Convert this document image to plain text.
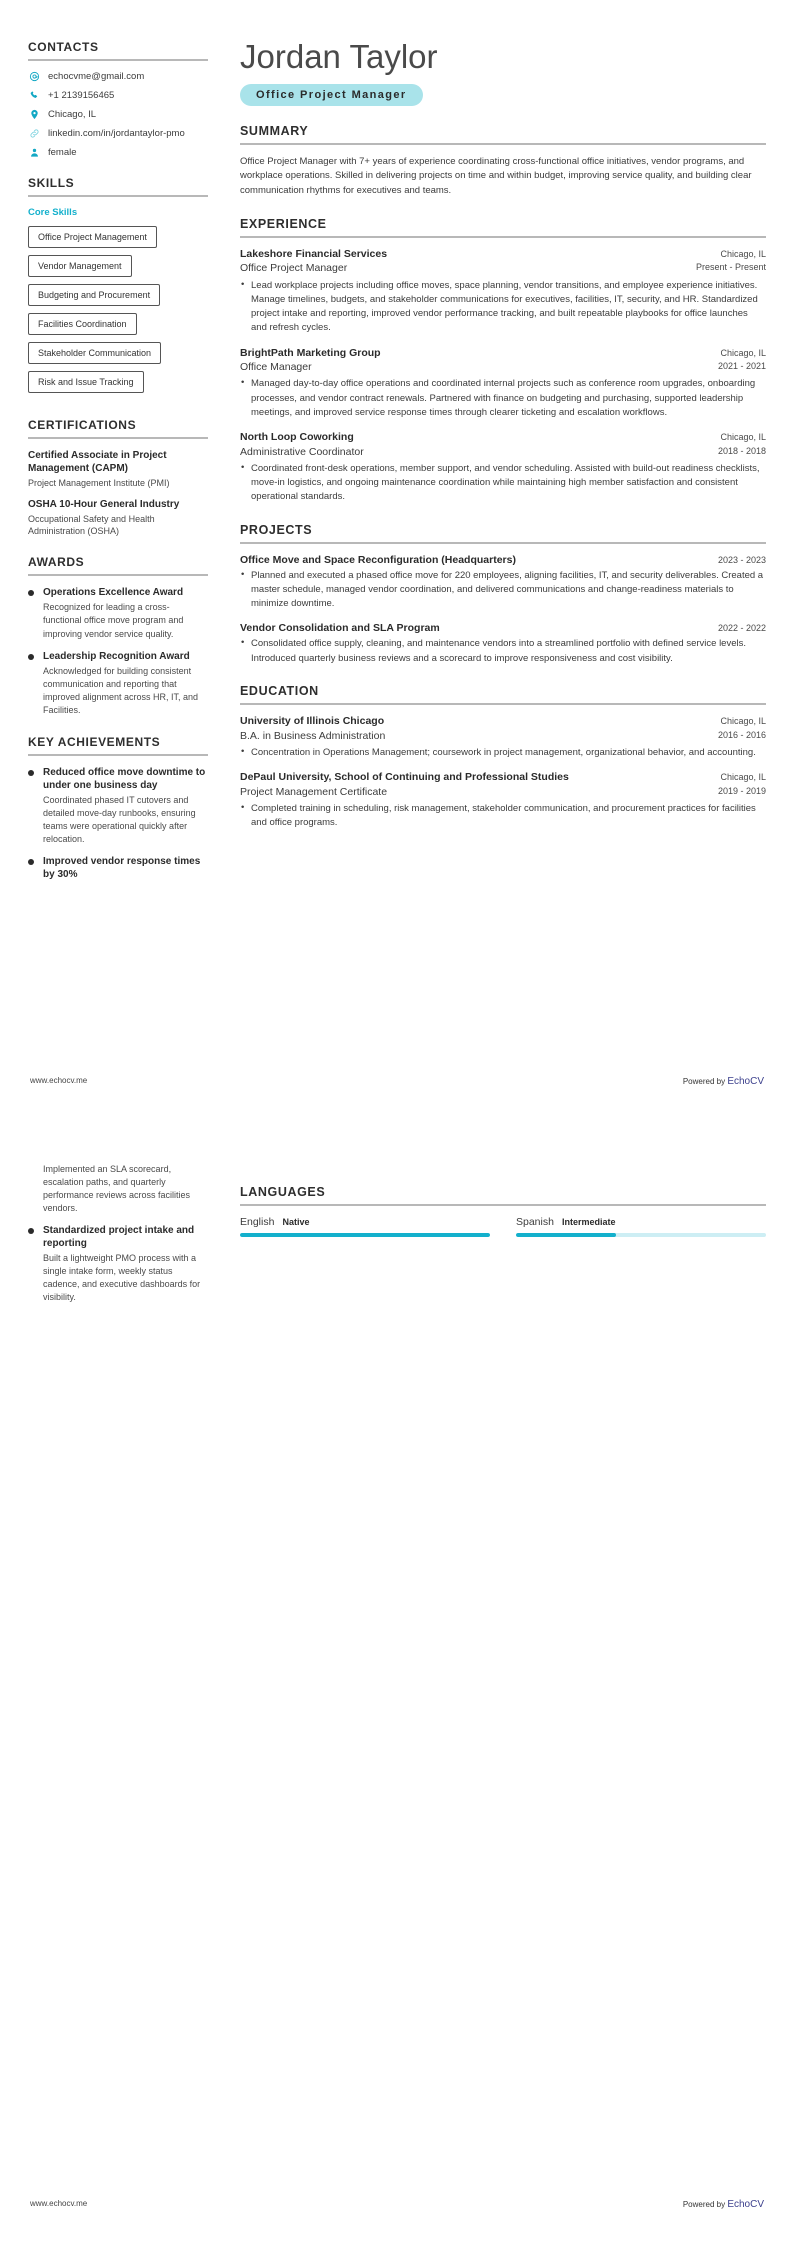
CONTACTS
echocvme@gmail.com
+1 2139156465
Chicago, IL
linkedin.com/in/jordantaylor-pmo
female
SKILLS
Core Skills
Office Project Management Vendor Management Budgeting and Procurement Facilities Coordination Stakeholder Communication Risk and Issue Tracking
CERTIFICATIONS
Certified Associate in Project Management (CAPM)
Project Management Institute (PMI)
OSHA 10-Hour General Industry
Occupational Safety and Health Administration (OSHA)
AWARDS
Operations Excellence Award
Recognized for leading a cross-functional office move program and improving vendor service quality.
Leadership Recognition Award
Acknowledged for building consistent communication and reporting that improved alignment across HR, IT, and Facilities.
KEY ACHIEVEMENTS
Reduced office move downtime to under one business day
Coordinated phased IT cutovers and detailed move-day runbooks, ensuring teams were operational quickly after relocation.
Improved vendor response times by 30%
Jordan Taylor
Office Project Manager
SUMMARY
Office Project Manager with 7+ years of experience coordinating cross-functional office initiatives, vendor programs, and workplace operations. Skilled in delivering projects on time and within budget, improving service quality, and building clear communication rhythms for executives and teams.
EXPERIENCE
Lakeshore Financial Services	Chicago, IL
Office Project Manager	Present - Present
• Lead workplace projects including office moves, space planning, vendor transitions, and employee experience initiatives. Manage timelines, budgets, and stakeholder communications for executives, facilities, IT, security, and HR. Standardized project intake and reporting, improved vendor performance tracking, and built repeatable playbooks for office launches and refresh cycles.
BrightPath Marketing Group	Chicago, IL
Office Manager	2021 - 2021
• Managed day-to-day office operations and coordinated internal projects such as conference room upgrades, onboarding processes, and vendor contract renewals. Partnered with finance on budgeting and purchasing, supported leadership meetings, and improved service response times through clearer ticketing and escalation workflows.
North Loop Coworking	Chicago, IL
Administrative Coordinator	2018 - 2018
• Coordinated front-desk operations, member support, and vendor scheduling. Assisted with build-out readiness checklists, move-in logistics, and ongoing maintenance coordination while maintaining high member satisfaction and consistent operational standards.
PROJECTS
Office Move and Space Reconfiguration (Headquarters)	2023 - 2023
• Planned and executed a phased office move for 220 employees, aligning facilities, IT, and security deliverables. Created a master schedule, managed vendor coordination, and delivered communications and change-readiness materials to minimize downtime.
Vendor Consolidation and SLA Program	2022 - 2022
• Consolidated office supply, cleaning, and maintenance vendors into a streamlined portfolio with defined service levels. Introduced quarterly business reviews and a scorecard to improve responsiveness and cost visibility.
EDUCATION
University of Illinois Chicago	Chicago, IL
B.A. in Business Administration	2016 - 2016
• Concentration in Operations Management; coursework in project management, organizational behavior, and accounting.
DePaul University, School of Continuing and Professional Studies	Chicago, IL
Project Management Certificate	2019 - 2019
• Completed training in scheduling, risk management, stakeholder communication, and procurement practices for facilities and office programs.
www.echocv.me	Powered by EchoCV
Implemented an SLA scorecard, escalation paths, and quarterly performance reviews across facilities vendors.
Standardized project intake and reporting
Built a lightweight PMO process with a single intake form, weekly status cadence, and executive dashboards for visibility.
LANGUAGES
English Native	Spanish Intermediate
www.echocv.me	Powered by EchoCV
